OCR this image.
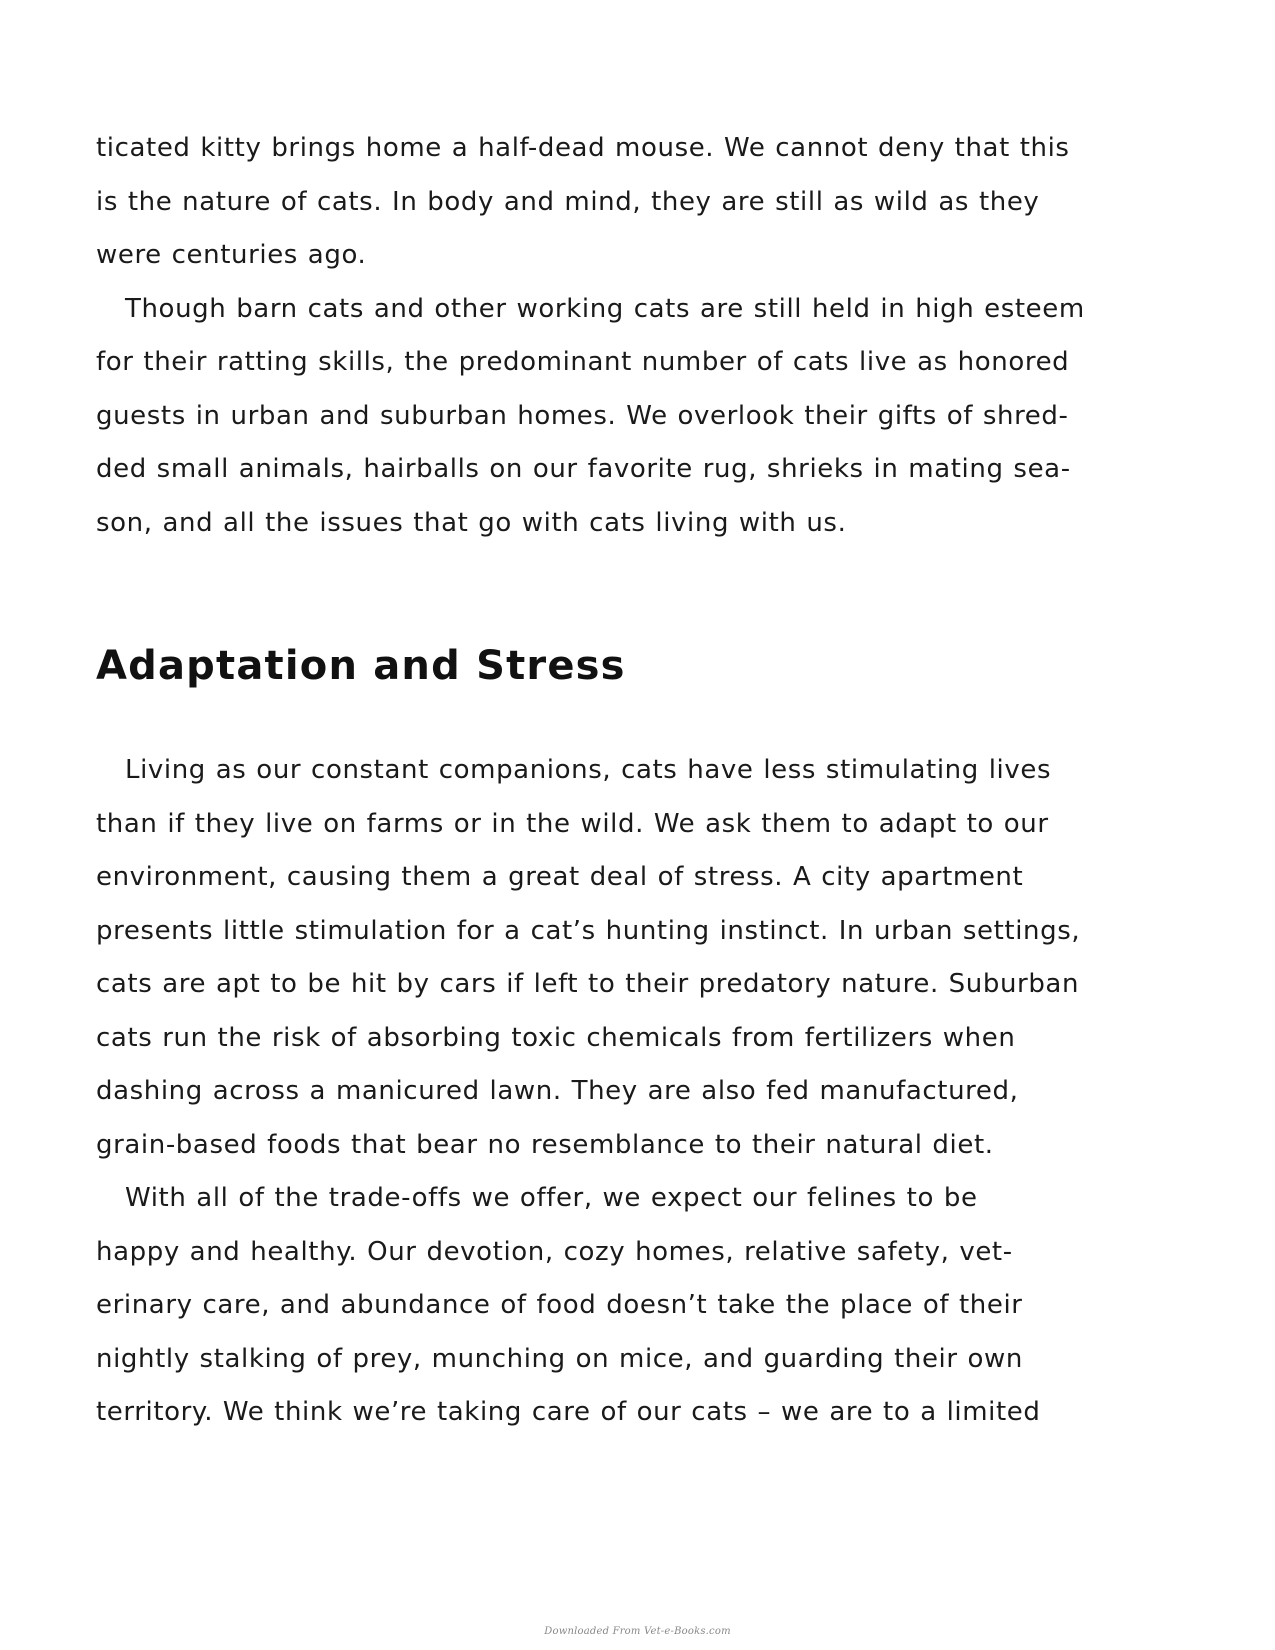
ticated kitty brings home a half-dead mouse. We cannot deny that this
is the nature of cats. In body and mind, they are still as wild as they
were centuries ago.

Though barn cats and other working cats are still held in high esteem
for their ratting skills, the predominant number of cats live as honored
guests in urban and suburban homes. We overlook their gifts of shred-
ded small animals, hairballs on our favorite rug, shrieks in mating sea-
son, and all the issues that go with cats living with us.

Adaptation and Stress

Living as our constant companions, cats have less stimulating lives
than if they live on farms or in the wild. We ask them to adapt to our
environment, causing them a great deal of stress. A city apartment
presents little stimulation for a cat’s hunting instinct. In urban settings,
cats are apt to be hit by cars if left to their predatory nature. Suburban
cats run the risk of absorbing toxic chemicals from fertilizers when
dashing across a manicured lawn. They are also fed manufactured,
grain-based foods that bear no resemblance to their natural diet.

With all of the trade-offs we offer, we expect our felines to be
happy and healthy. Our devotion, cozy homes, relative safety, vet-
erinary care, and abundance of food doesn’t take the place of their
nightly stalking of prey, munching on mice, and guarding their own
territory. We think we’re taking care of our cats – we are to a limited

Downloaded From Vet-e-Books.com
